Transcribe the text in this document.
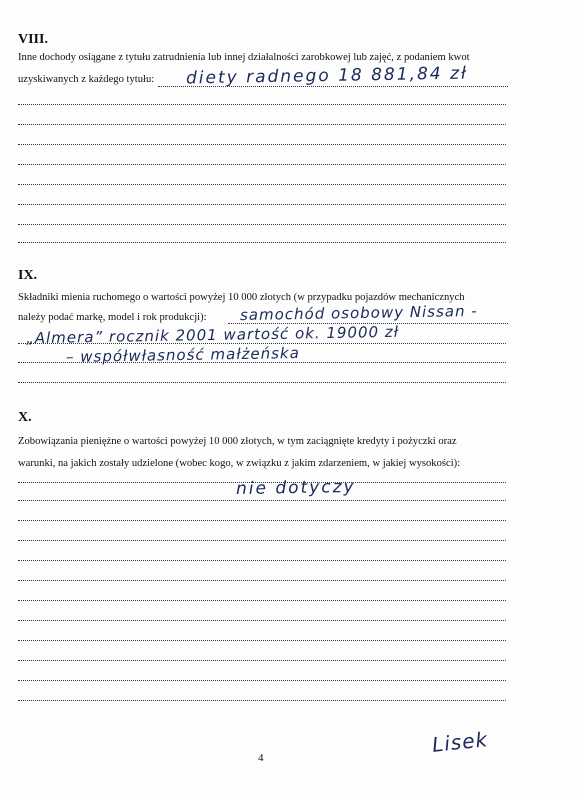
VIII.
Inne dochody osiągane z tytułu zatrudnienia lub innej działalności zarobkowej lub zajęć, z podaniem kwot
uzyskiwanych z każdego tytułu: diety radnego 18 881,84 zł
IX.
Składniki mienia ruchomego o wartości powyżej 10 000 złotych (w przypadku pojazdów mechanicznych
należy podać markę, model i rok produkcji): samochód osobowy Nissan -
„Almera” rocznik 2001 wartość ok. 19000 zł
– współwłasność małżeńska
X.
Zobowiązania pieniężne o wartości powyżej 10 000 złotych, w tym zaciągnięte kredyty i pożyczki oraz
warunki, na jakich zostały udzielone (wobec kogo, w związku z jakim zdarzeniem, w jakiej wysokości):
nie dotyczy
4
Lisek
